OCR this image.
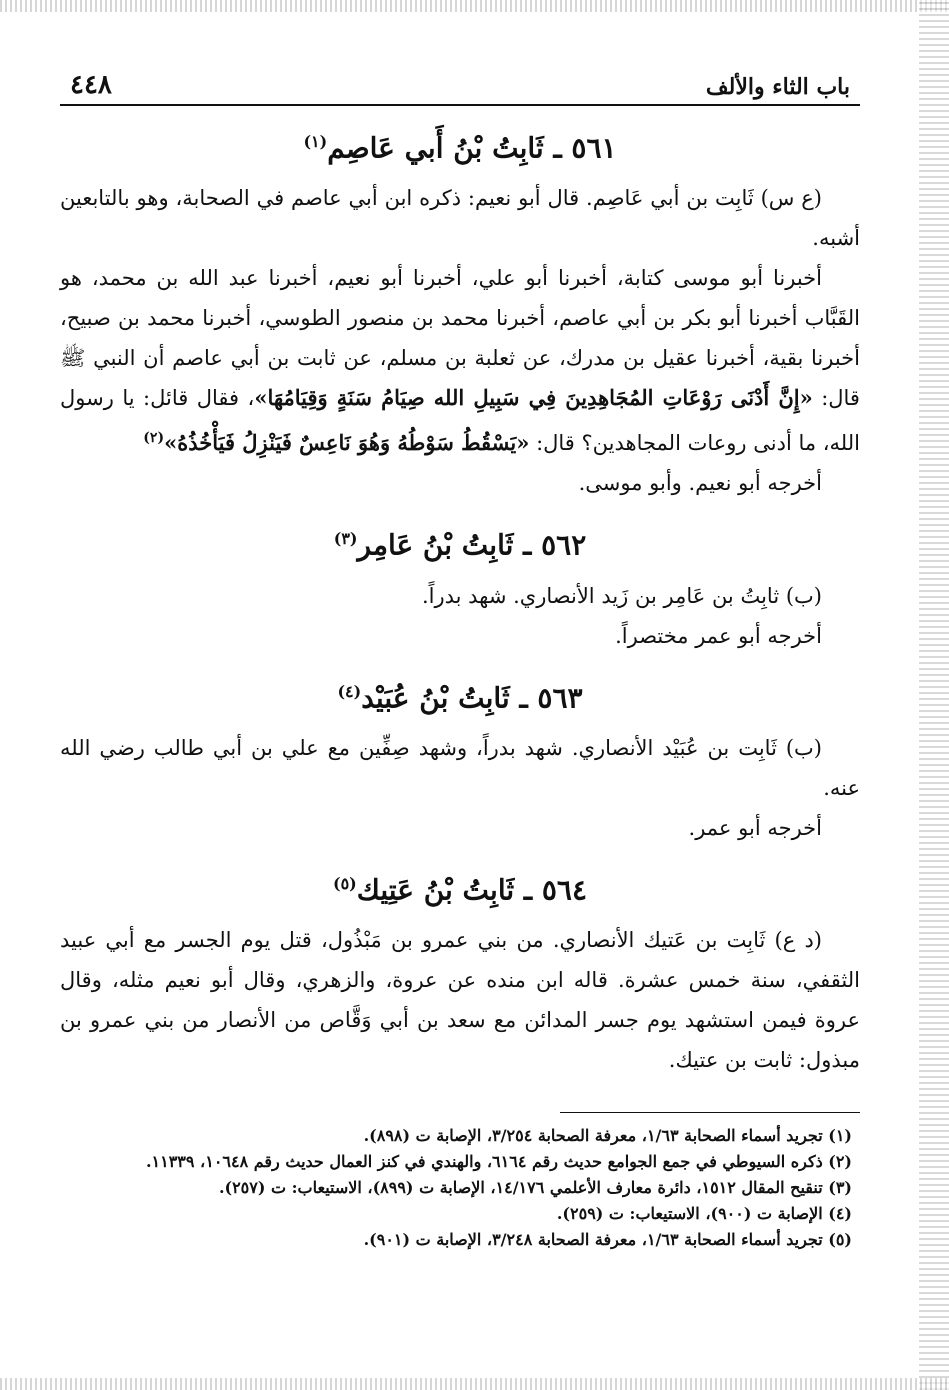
باب الثاء والألف
٤٤٨
٥٦١ ـ ثَابِتُ بْنُ أَبي عَاصِم$^{(١)}$

(ع س) ثَابِت بن أبي عَاصِم. قال أبو نعيم: ذكره ابن أبي عاصم في الصحابة، وهو بالتابعين أشبه.

أخبرنا أبو موسى كتابة، أخبرنا أبو علي، أخبرنا أبو نعيم، أخبرنا عبد الله بن محمد، هو القَبَّاب أخبرنا أبو بكر بن أبي عاصم، أخبرنا محمد بن منصور الطوسي، أخبرنا محمد بن صبيح، أخبرنا بقية، أخبرنا عقيل بن مدرك، عن ثعلبة بن مسلم، عن ثابت بن أبي عاصم أن النبي ﷺ قال: «إِنَّ أَدْنَى رَوْعَاتِ المُجَاهِدِينَ فِي سَبِيلِ الله صِيَامُ سَنَةٍ وَقِيَامُهَا»، فقال قائل: يا رسول الله، ما أدنى روعات المجاهدين؟ قال: «يَسْقُطُ سَوْطُهُ وَهُوَ نَاعِسٌ فَيَنْزِلُ فَيَأْخُذُهُ»$^{(٢)}$

أخرجه أبو نعيم. وأبو موسى.

٥٦٢ ـ ثَابِتُ بْنُ عَامِر$^{(٣)}$

(ب) ثابِتُ بن عَامِر بن زَيد الأنصاري. شهد بدراً.

أخرجه أبو عمر مختصراً.

٥٦٣ ـ ثَابِتُ بْنُ عُبَيْد$^{(٤)}$

(ب) ثَابِت بن عُبَيْد الأنصاري. شهد بدراً، وشهد صِفِّين مع علي بن أبي طالب رضي الله عنه.

أخرجه أبو عمر.

٥٦٤ ـ ثَابِتُ بْنُ عَتِيك$^{(٥)}$

(د ع) ثَابِت بن عَتيك الأنصاري. من بني عمرو بن مَبْذُول، قتل يوم الجسر مع أبي عبيد الثقفي، سنة خمس عشرة. قاله ابن منده عن عروة، والزهري، وقال أبو نعيم مثله، وقال عروة فيمن استشهد يوم جسر المدائن مع سعد بن أبي وَقَّاص من الأنصار من بني عمرو بن مبذول: ثابت بن عتيك.

(١) تجريد أسماء الصحابة ١/٦٣، معرفة الصحابة ٣/٢٥٤، الإصابة ت (٨٩٨).

(٢) ذكره السيوطي في جمع الجوامع حديث رقم ٦١٦٤، والهندي في كنز العمال حديث رقم ١٠٦٤٨، ١١٣٣٩.

(٣) تنقيح المقال ١٥١٢، دائرة معارف الأعلمي ١٤/١٧٦، الإصابة ت (٨٩٩)، الاستيعاب: ت (٢٥٧).

(٤) الإصابة ت (٩٠٠)، الاستيعاب: ت (٢٥٩).

(٥) تجريد أسماء الصحابة ١/٦٣، معرفة الصحابة ٣/٢٤٨، الإصابة ت (٩٠١).
